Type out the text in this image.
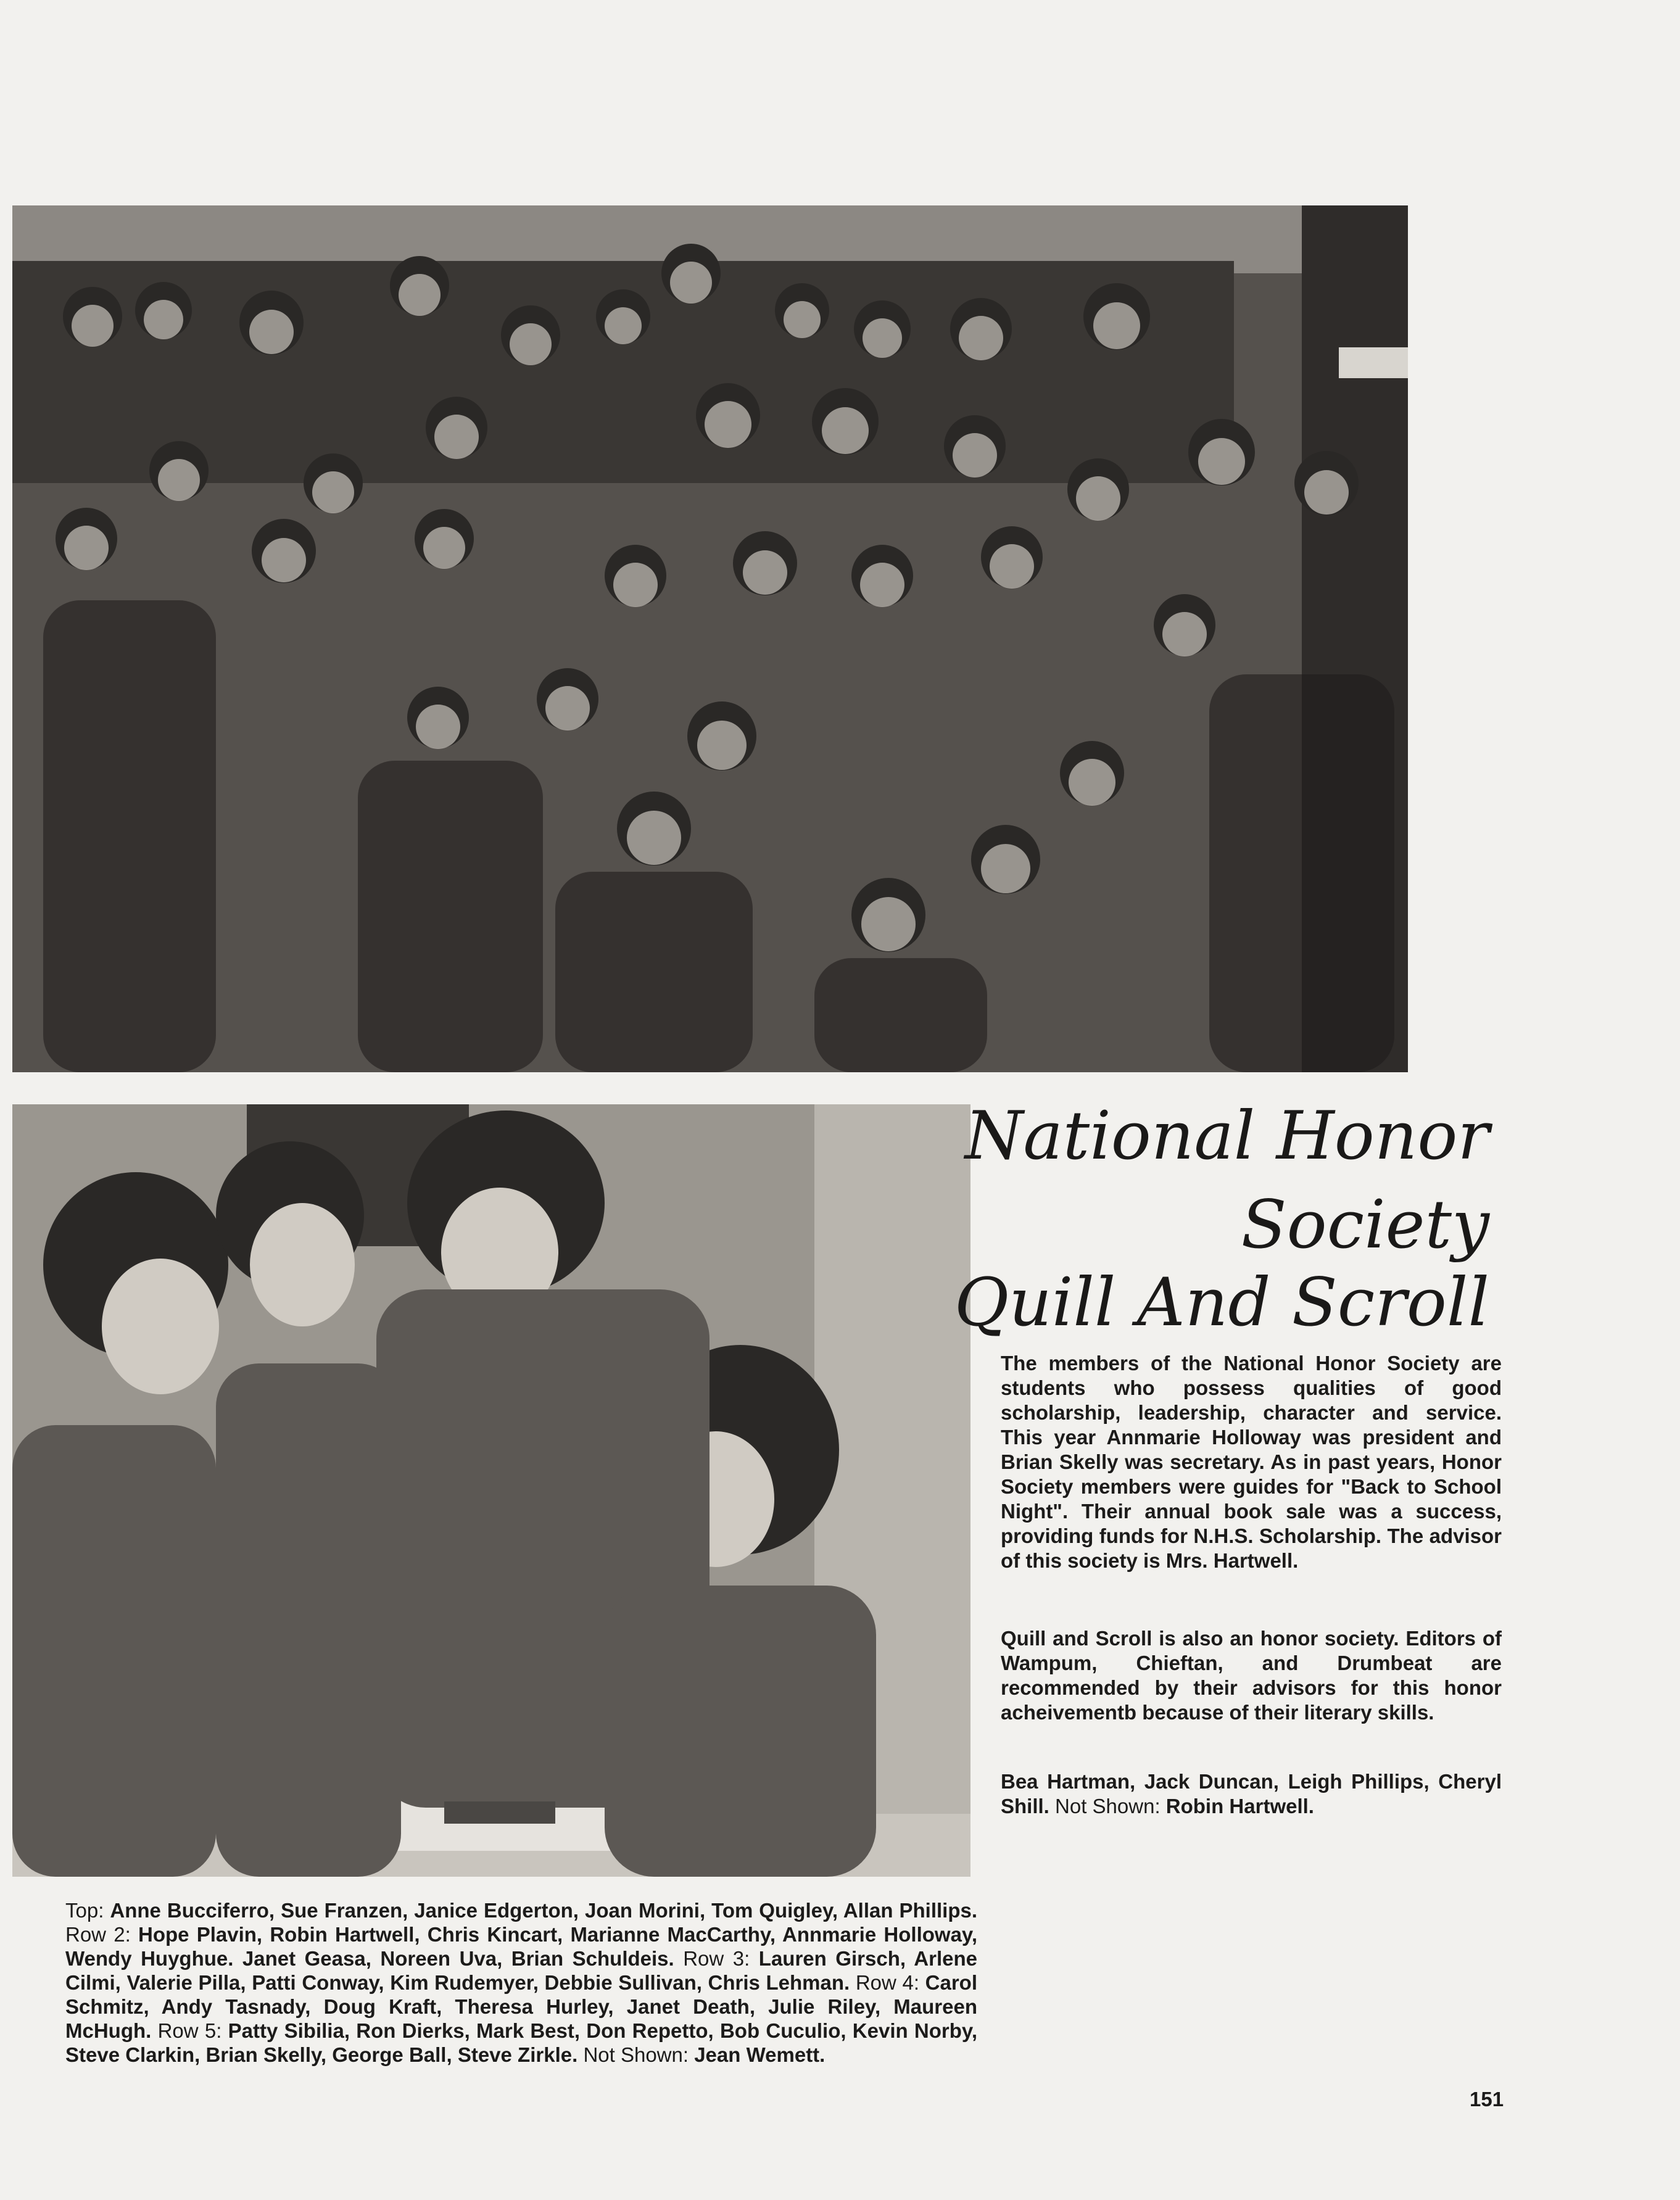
National Honor
Society
Quill And Scroll

The members of the National Honor Society are students who possess qualities of good scholarship, leadership, character and service. This year Annmarie Holloway was president and Brian Skelly was secretary. As in past years, Honor Society members were guides for "Back to School Night". Their annual book sale was a success, providing funds for N.H.S. Scholarship. The advisor of this society is Mrs. Hartwell.

Quill and Scroll is also an honor society. Editors of Wampum, Chieftan, and Drumbeat are recommended by their advisors for this honor acheivementb because of their literary skills.

Bea Hartman, Jack Duncan, Leigh Phillips, Cheryl Shill. Not Shown: Robin Hartwell.

Top: Anne Bucciferro, Sue Franzen, Janice Edgerton, Joan Morini, Tom Quigley, Allan Phillips. Row 2: Hope Plavin, Robin Hartwell, Chris Kincart, Marianne MacCarthy, Annmarie Holloway, Wendy Huyghue. Janet Geasa, Noreen Uva, Brian Schuldeis. Row 3: Lauren Girsch, Arlene Cilmi, Valerie Pilla, Patti Conway, Kim Rudemyer, Debbie Sullivan, Chris Lehman. Row 4: Carol Schmitz, Andy Tasnady, Doug Kraft, Theresa Hurley, Janet Death, Julie Riley, Maureen McHugh. Row 5: Patty Sibilia, Ron Dierks, Mark Best, Don Repetto, Bob Cuculio, Kevin Norby, Steve Clarkin, Brian Skelly, George Ball, Steve Zirkle. Not Shown: Jean Wemett.

151
